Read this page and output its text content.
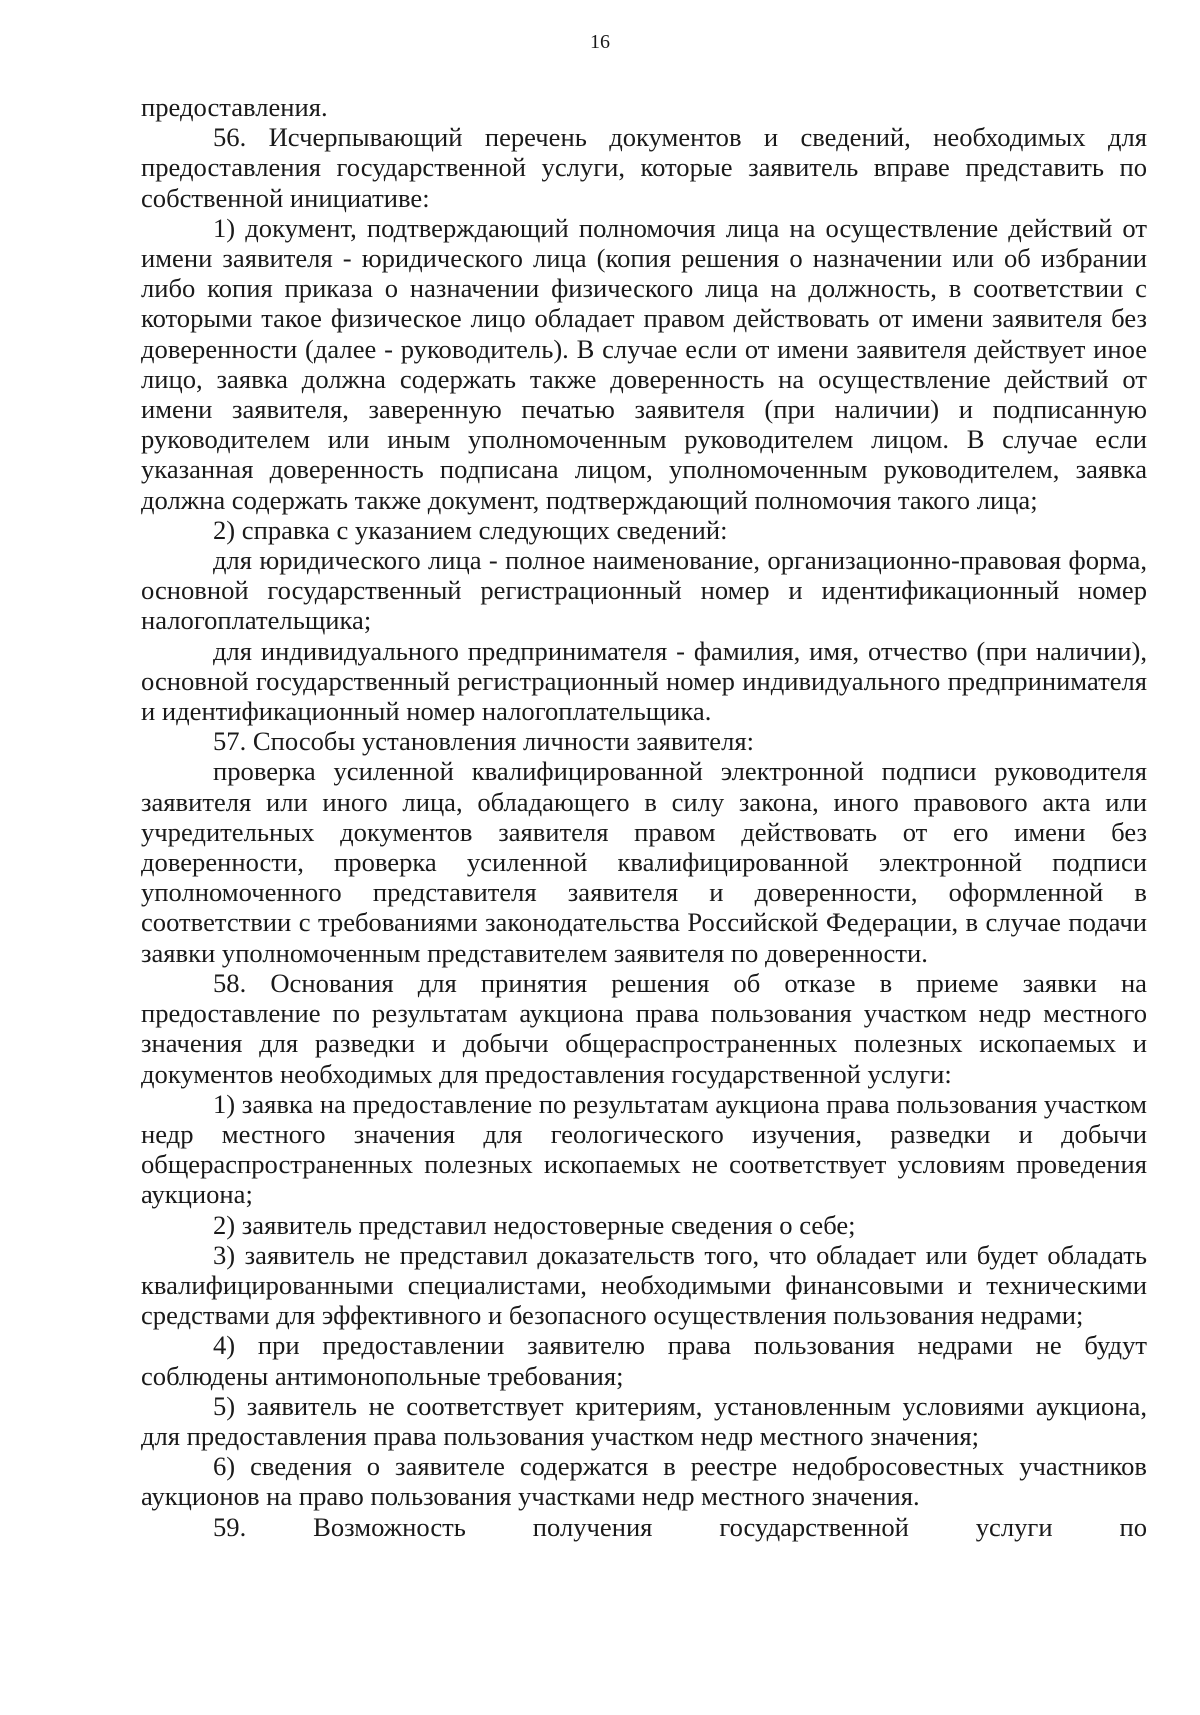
16

предоставления.

56. Исчерпывающий перечень документов и сведений, необходимых для предоставления государственной услуги, которые заявитель вправе представить по собственной инициативе:

1) документ, подтверждающий полномочия лица на осуществление действий от имени заявителя - юридического лица (копия решения о назначении или об избрании либо копия приказа о назначении физического лица на должность, в соответствии с которыми такое физическое лицо обладает правом действовать от имени заявителя без доверенности (далее - руководитель). В случае если от имени заявителя действует иное лицо, заявка должна содержать также доверенность на осуществление действий от имени заявителя, заверенную печатью заявителя (при наличии) и подписанную руководителем или иным уполномоченным руководителем лицом. В случае если указанная доверенность подписана лицом, уполномоченным руководителем, заявка должна содержать также документ, подтверждающий полномочия такого лица;

2) справка с указанием следующих сведений:

для юридического лица - полное наименование, организационно-правовая форма, основной государственный регистрационный номер и идентификационный номер налогоплательщика;

для индивидуального предпринимателя - фамилия, имя, отчество (при наличии), основной государственный регистрационный номер индивидуального предпринимателя и идентификационный номер налогоплательщика.

57. Способы установления личности заявителя:

проверка усиленной квалифицированной электронной подписи руководителя заявителя или иного лица, обладающего в силу закона, иного правового акта или учредительных документов заявителя правом действовать от его имени без доверенности, проверка усиленной квалифицированной электронной подписи уполномоченного представителя заявителя и доверенности, оформленной в соответствии с требованиями законодательства Российской Федерации, в случае подачи заявки уполномоченным представителем заявителя по доверенности.

58. Основания для принятия решения об отказе в приеме заявки на предоставление по результатам аукциона права пользования участком недр местного значения для разведки и добычи общераспространенных полезных ископаемых и документов необходимых для предоставления государственной услуги:

1) заявка на предоставление по результатам аукциона права пользования участком недр местного значения для геологического изучения, разведки и добычи общераспространенных полезных ископаемых не соответствует условиям проведения аукциона;

2) заявитель представил недостоверные сведения о себе;

3) заявитель не представил доказательств того, что обладает или будет обладать квалифицированными специалистами, необходимыми финансовыми и техническими средствами для эффективного и безопасного осуществления пользования недрами;

4) при предоставлении заявителю права пользования недрами не будут соблюдены антимонопольные требования;

5) заявитель не соответствует критериям, установленным условиями аукциона, для предоставления права пользования участком недр местного значения;

6) сведения о заявителе содержатся в реестре недобросовестных участников аукционов на право пользования участками недр местного значения.

59. Возможность получения государственной услуги по
